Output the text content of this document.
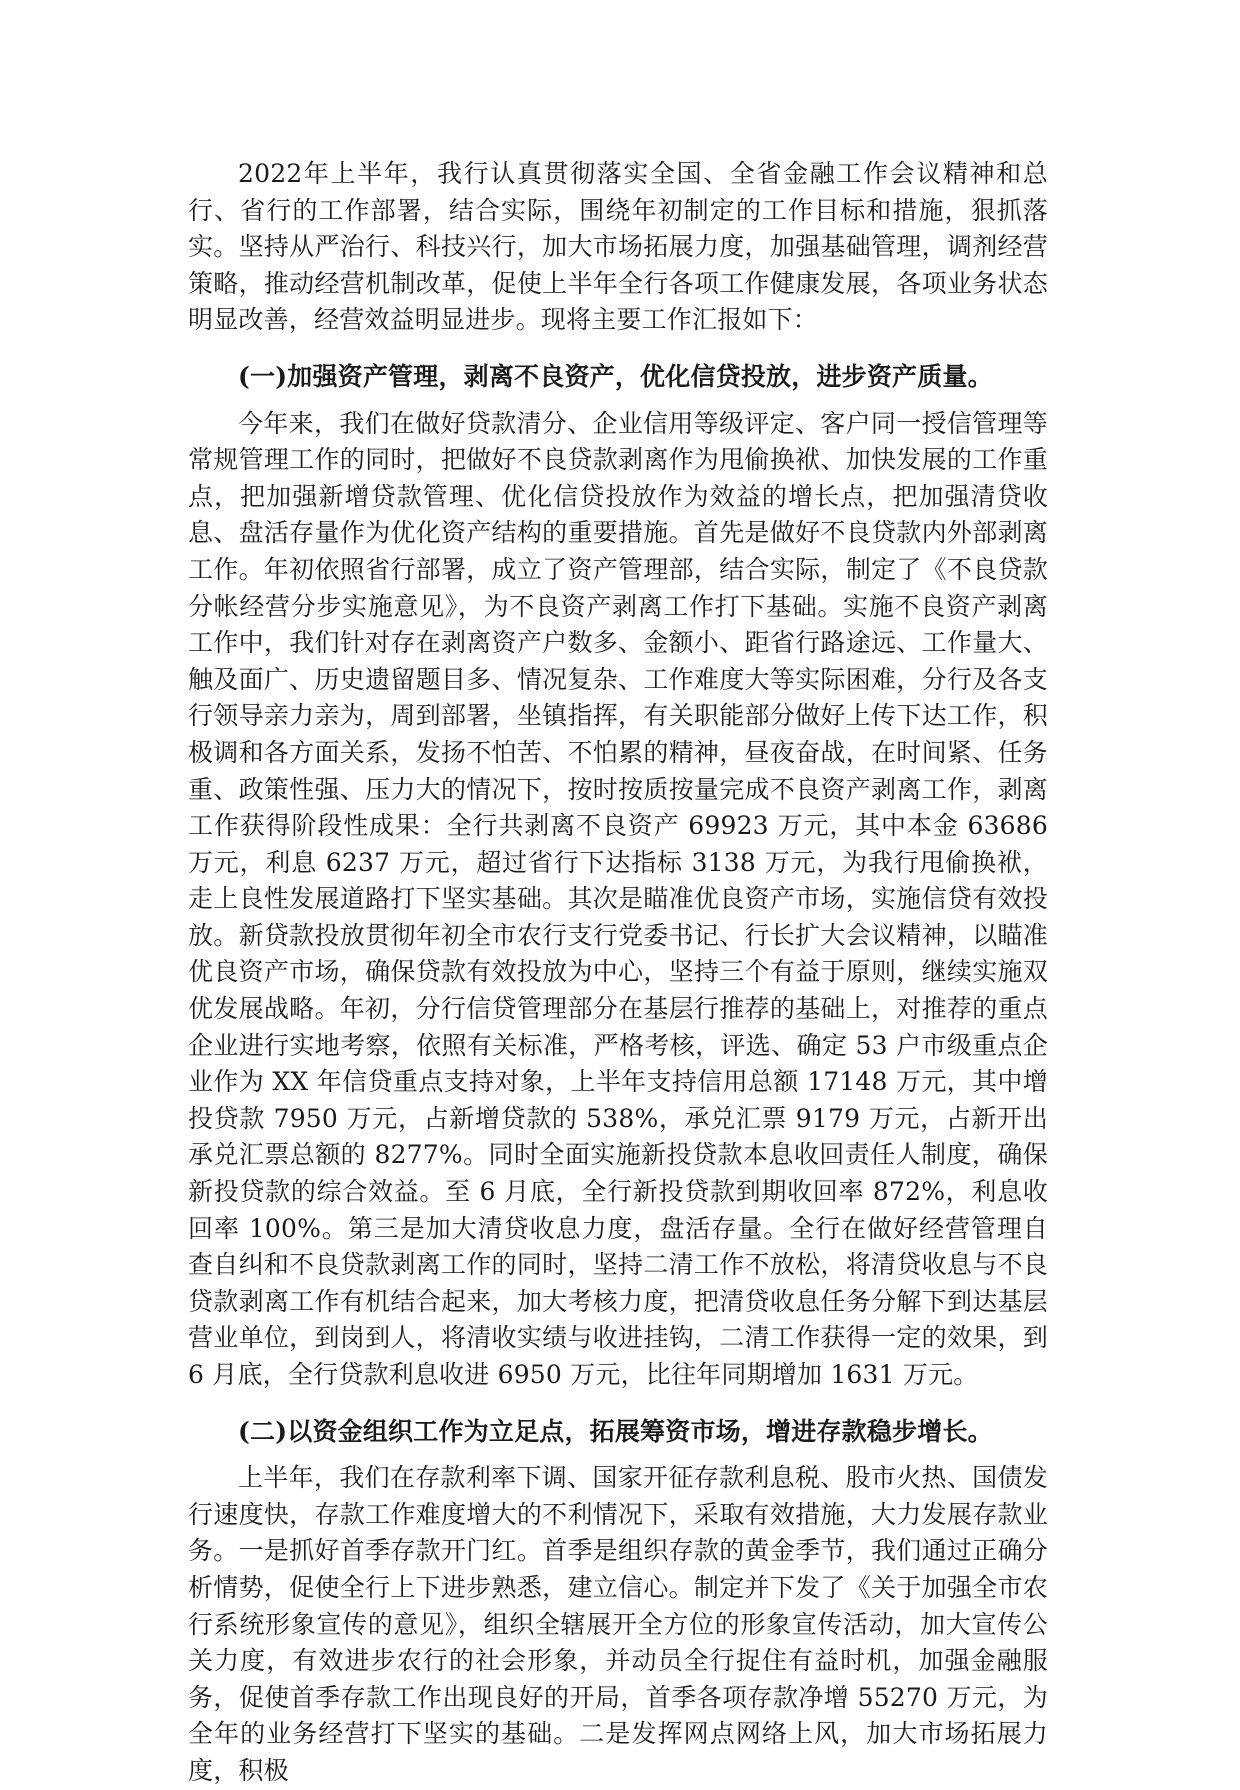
2022年上半年，我行认真贯彻落实全国、全省金融工作会议精神和总行、省行的工作部署，结合实际，围绕年初制定的工作目标和措施，狠抓落实。坚持从严治行、科技兴行，加大市场拓展力度，加强基础管理，调剂经营策略，推动经营机制改革，促使上半年全行各项工作健康发展，各项业务状态明显改善，经营效益明显进步。现将主要工作汇报如下：

(一)加强资产管理，剥离不良资产，优化信贷投放，进步资产质量。

今年来，我们在做好贷款清分、企业信用等级评定、客户同一授信管理等常规管理工作的同时，把做好不良贷款剥离作为甩偷换袱、加快发展的工作重点，把加强新增贷款管理、优化信贷投放作为效益的增长点，把加强清贷收息、盘活存量作为优化资产结构的重要措施。首先是做好不良贷款内外部剥离工作。年初依照省行部署，成立了资产管理部，结合实际，制定了《不良贷款分帐经营分步实施意见》，为不良资产剥离工作打下基础。实施不良资产剥离工作中，我们针对存在剥离资产户数多、金额小、距省行路途远、工作量大、触及面广、历史遗留题目多、情况复杂、工作难度大等实际困难，分行及各支行领导亲力亲为，周到部署，坐镇指挥，有关职能部分做好上传下达工作，积极调和各方面关系，发扬不怕苦、不怕累的精神，昼夜奋战，在时间紧、任务重、政策性强、压力大的情况下，按时按质按量完成不良资产剥离工作，剥离工作获得阶段性成果：全行共剥离不良资产 69923 万元，其中本金 63686 万元，利息 6237 万元，超过省行下达指标 3138 万元，为我行甩偷换袱，走上良性发展道路打下坚实基础。其次是瞄准优良资产市场，实施信贷有效投放。新贷款投放贯彻年初全市农行支行党委书记、行长扩大会议精神，以瞄准优良资产市场，确保贷款有效投放为中心，坚持三个有益于原则，继续实施双优发展战略。年初，分行信贷管理部分在基层行推荐的基础上，对推荐的重点企业进行实地考察，依照有关标准，严格考核，评选、确定 53 户市级重点企业作为 XX 年信贷重点支持对象，上半年支持信用总额 17148 万元，其中增投贷款 7950 万元，占新增贷款的 538%，承兑汇票 9179 万元，占新开出承兑汇票总额的 8277%。同时全面实施新投贷款本息收回责任人制度，确保新投贷款的综合效益。至 6 月底，全行新投贷款到期收回率 872%，利息收回率 100%。第三是加大清贷收息力度，盘活存量。全行在做好经营管理自查自纠和不良贷款剥离工作的同时，坚持二清工作不放松，将清贷收息与不良贷款剥离工作有机结合起来，加大考核力度，把清贷收息任务分解下到达基层营业单位，到岗到人，将清收实绩与收进挂钩，二清工作获得一定的效果，到 6 月底，全行贷款利息收进 6950 万元，比往年同期增加 1631 万元。

(二)以资金组织工作为立足点，拓展筹资市场，增进存款稳步增长。

上半年，我们在存款利率下调、国家开征存款利息税、股市火热、国债发行速度快，存款工作难度增大的不利情况下，采取有效措施，大力发展存款业务。一是抓好首季存款开门红。首季是组织存款的黄金季节，我们通过正确分析情势，促使全行上下进步熟悉，建立信心。制定并下发了《关于加强全市农行系统形象宣传的意见》，组织全辖展开全方位的形象宣传活动，加大宣传公关力度，有效进步农行的社会形象，并动员全行捉住有益时机，加强金融服务，促使首季存款工作出现良好的开局，首季各项存款净增 55270 万元，为全年的业务经营打下坚实的基础。二是发挥网点网络上风，加大市场拓展力度，积极
